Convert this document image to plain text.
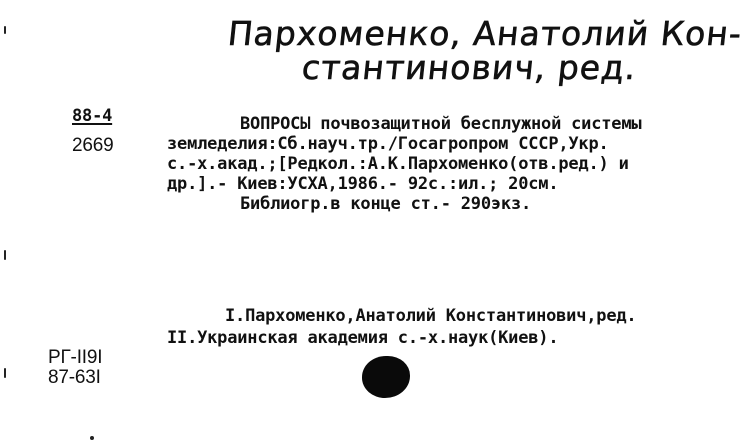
Пархоменко, Анатолий Кон-
стантинович, ред.
88-4
2669
ВОПРОСЫ почвозащитной бесплужной системы
земледелия:Сб.науч.тр./Госагропром СССР,Укр.
с.-х.акад.;[Редкол.:А.К.Пархоменко(отв.ред.) и
др.].- Киев:УСХА,1986.- 92с.:ил.; 20см.
Библиогр.в конце ст.- 290экз.
I.Пархоменко,Анатолий Константинович,ред.
II.Украинская академия с.-х.наук(Киев).
РГ-II9I
87-63I
